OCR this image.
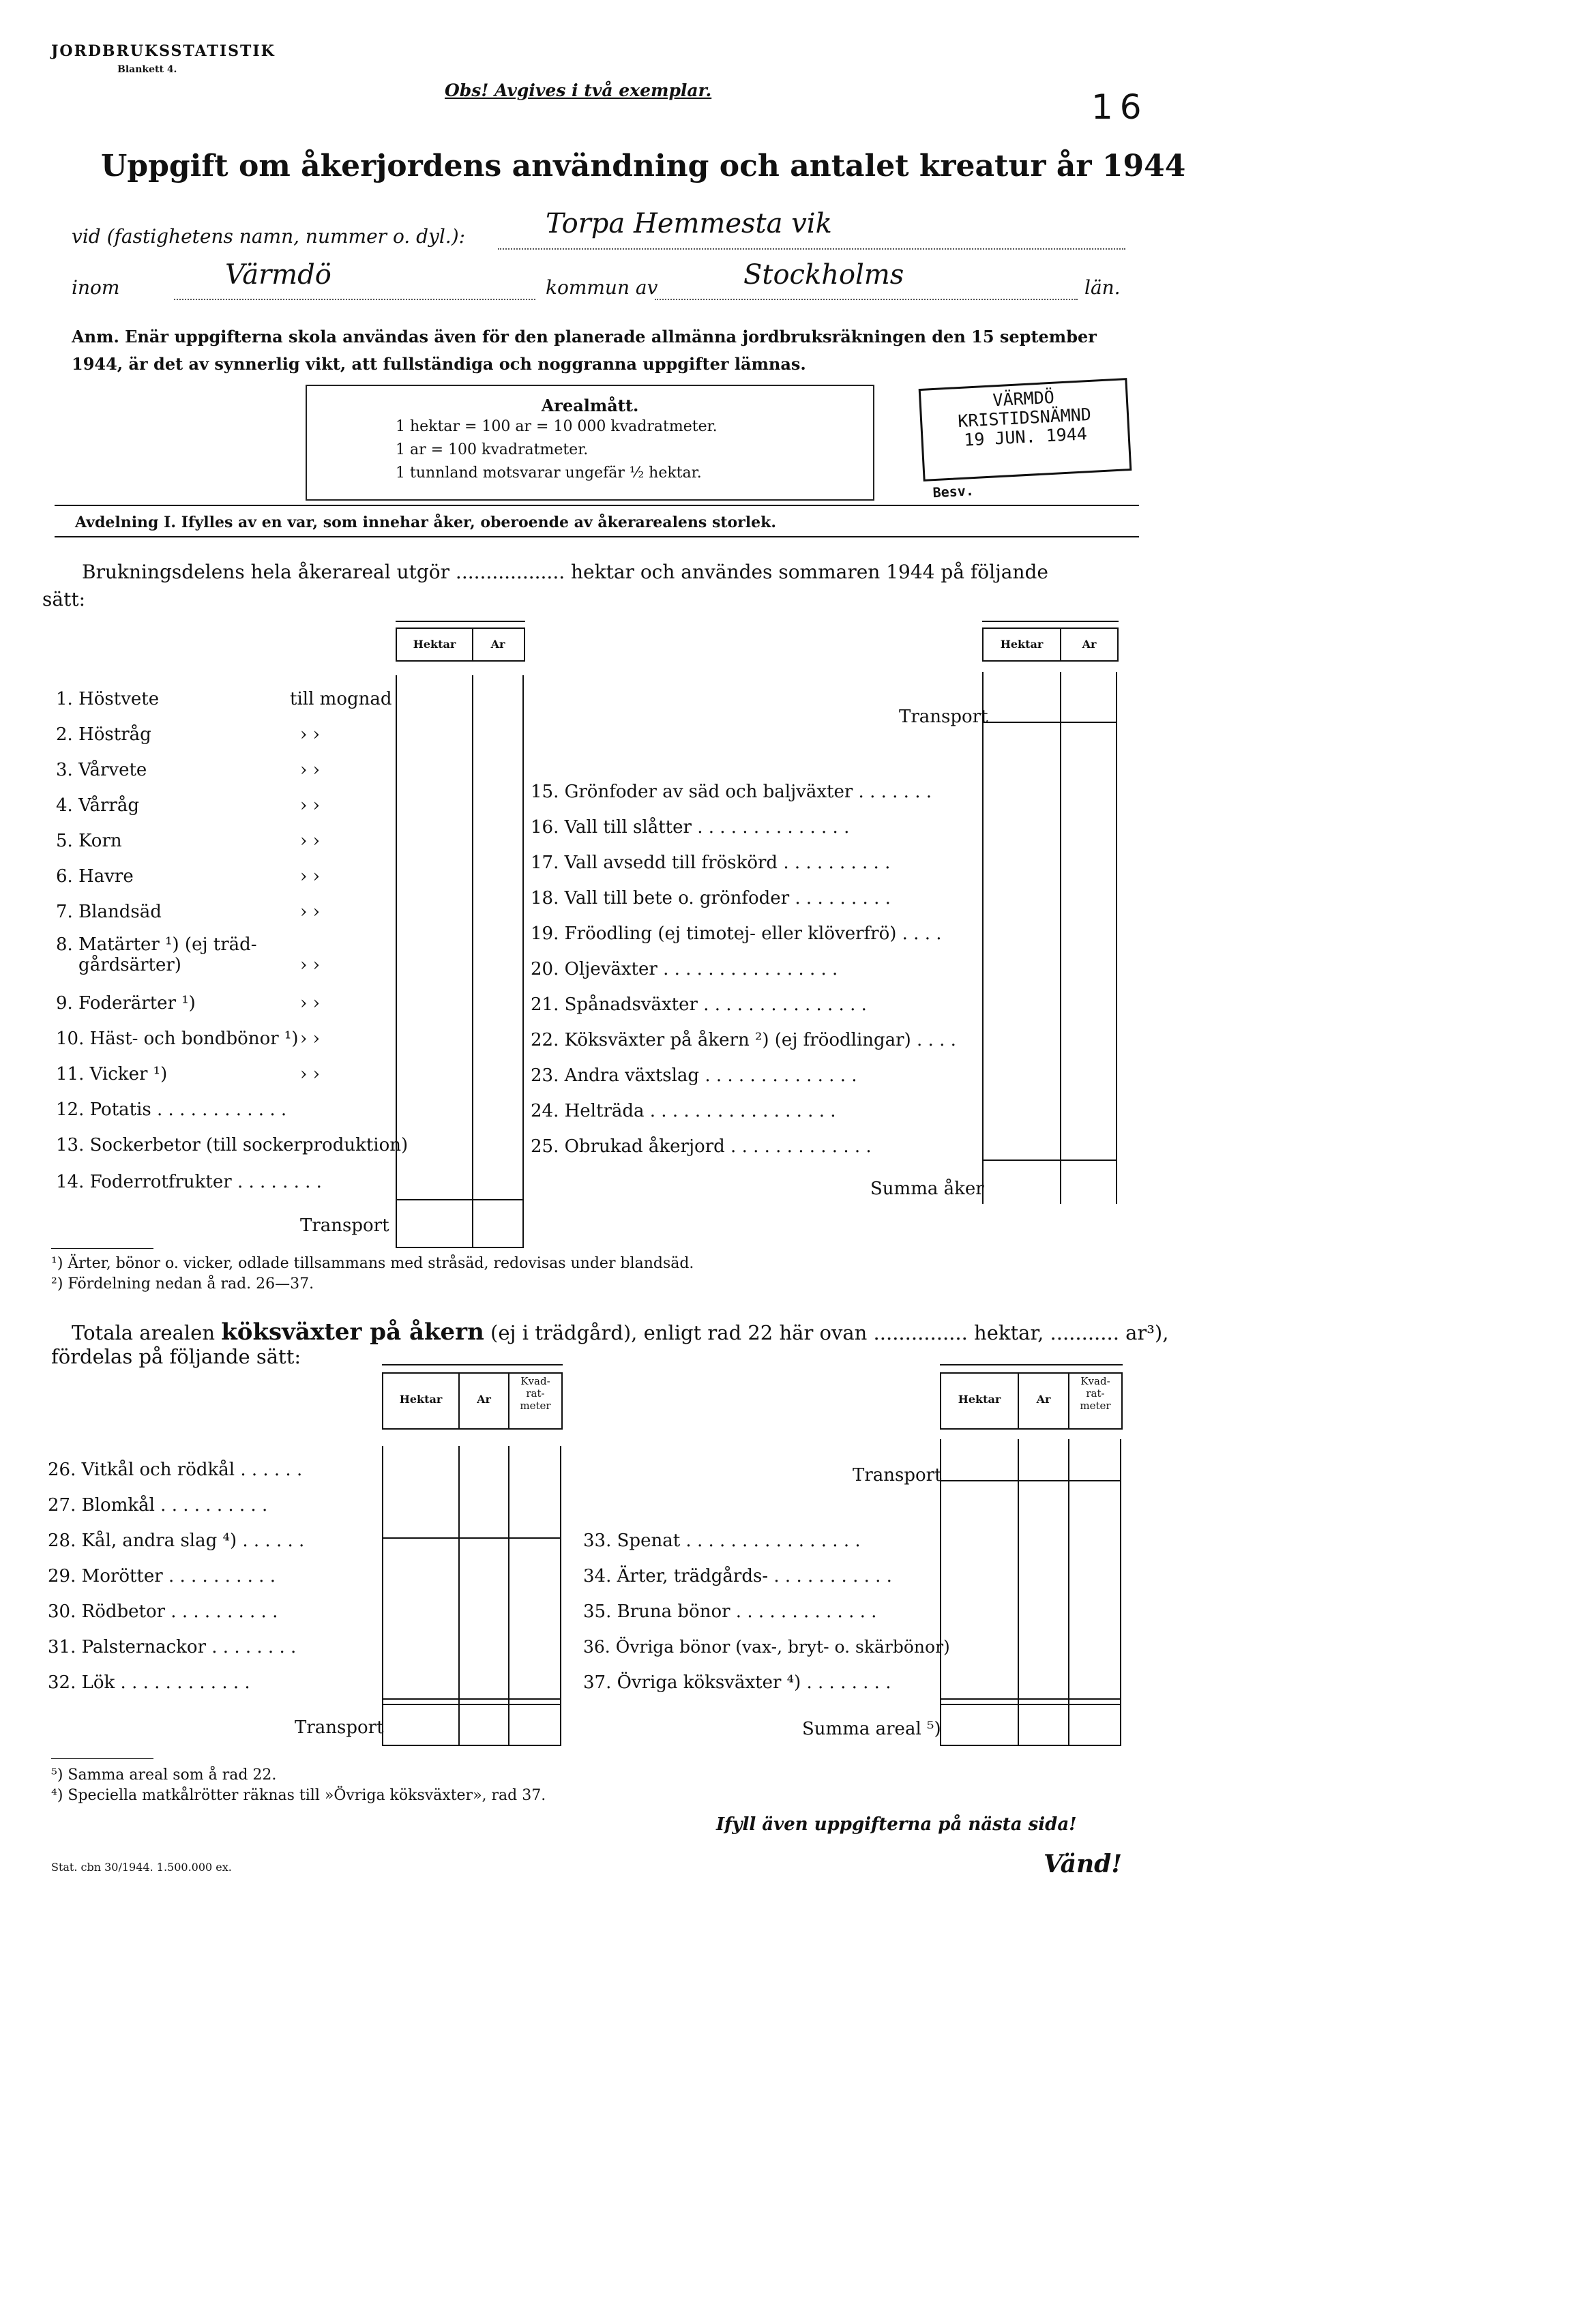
JORDBRUKSSTATISTIK
Blankett 4.
Obs! Avgives i två exemplar.	16
Uppgift om åkerjordens användning och antalet kreatur år 1944
vid (fastighetens namn, nummer o. dyl.):	Torpa Hemmesta vik
inom	Värmdö	kommun av	Stockholms	län.
Anm. Enär uppgifterna skola användas även för den planerade allmänna jordbruksräkningen den 15 september 1944, är det av synnerlig vikt, att fullständiga och noggranna uppgifter lämnas.
Arealmått.
1 hektar = 100 ar = 10 000 kvadratmeter.
1 ar = 100 kvadratmeter.
1 tunnland motsvarar ungefär ½ hektar.
VÄRMDÖ
KRISTIDSNÄMND
19 JUN. 1944
Besv.
Avdelning I. Ifylles av en var, som innehar åker, oberoende av åkerarealens storlek.
Brukningsdelens hela åkerareal utgör .................. hektar och användes sommaren 1944 på följande
sätt:
Hektar	Ar
1. Höstvete	till mognad
2. Höstråg	› ›
3. Vårvete	› ›
4. Vårråg	› ›
5. Korn	› ›
6. Havre	› ›
7. Blandsäd	› ›
8. Matärter ¹) (ej träd-
gårdsärter)	› ›
9. Foderärter ¹)	› ›
10. Häst- och bondbönor ¹) › ›
11. Vicker ¹)	› ›
12. Potatis . . . . . . . . . . . .
13. Sockerbetor (till sockerproduktion)
14. Foderrotfrukter . . . . . . . .
Transport
Hektar	Ar
Transport
15. Grönfoder av säd och baljväxter . . . . . . .
16. Vall till slåtter . . . . . . . . . . . . . .
17. Vall avsedd till fröskörd . . . . . . . . . .
18. Vall till bete o. grönfoder . . . . . . . . .
19. Fröodling (ej timotej- eller klöverfrö) . . . .
20. Oljeväxter . . . . . . . . . . . . . . . .
21. Spånadsväxter . . . . . . . . . . . . . . .
22. Köksväxter på åkern ²) (ej fröodlingar) . . . .
23. Andra växtslag . . . . . . . . . . . . . .
24. Helträda . . . . . . . . . . . . . . . . .
25. Obrukad åkerjord . . . . . . . . . . . . .
Summa åker
¹) Ärter, bönor o. vicker, odlade tillsammans med stråsäd, redovisas under blandsäd.
²) Fördelning nedan å rad. 26—37.
Totala arealen köksväxter på åkern (ej i trädgård), enligt rad 22 här ovan ............... hektar, ........... ar³),
fördelas på följande sätt:
Hektar	Ar
Kvad-
rat-
meter
26. Vitkål och rödkål . . . . . .
27. Blomkål . . . . . . . . . .
28. Kål, andra slag ⁴) . . . . . .
29. Morötter . . . . . . . . . .
30. Rödbetor . . . . . . . . . .
31. Palsternackor . . . . . . . .
32. Lök . . . . . . . . . . . .
Transport
Hektar	Ar
Kvad-
rat-
meter
Transport
33. Spenat . . . . . . . . . . . . . . . .
34. Ärter, trädgårds- . . . . . . . . . . .
35. Bruna bönor . . . . . . . . . . . . .
36. Övriga bönor (vax-, bryt- o. skärbönor)
37. Övriga köksväxter ⁴) . . . . . . . .
Summa areal ⁵)
⁵) Samma areal som å rad 22.
⁴) Speciella matkålrötter räknas till »Övriga köksväxter», rad 37.
Ifyll även uppgifterna på nästa sida!
Stat. cbn 30/1944. 1.500.000 ex.	Vänd!
